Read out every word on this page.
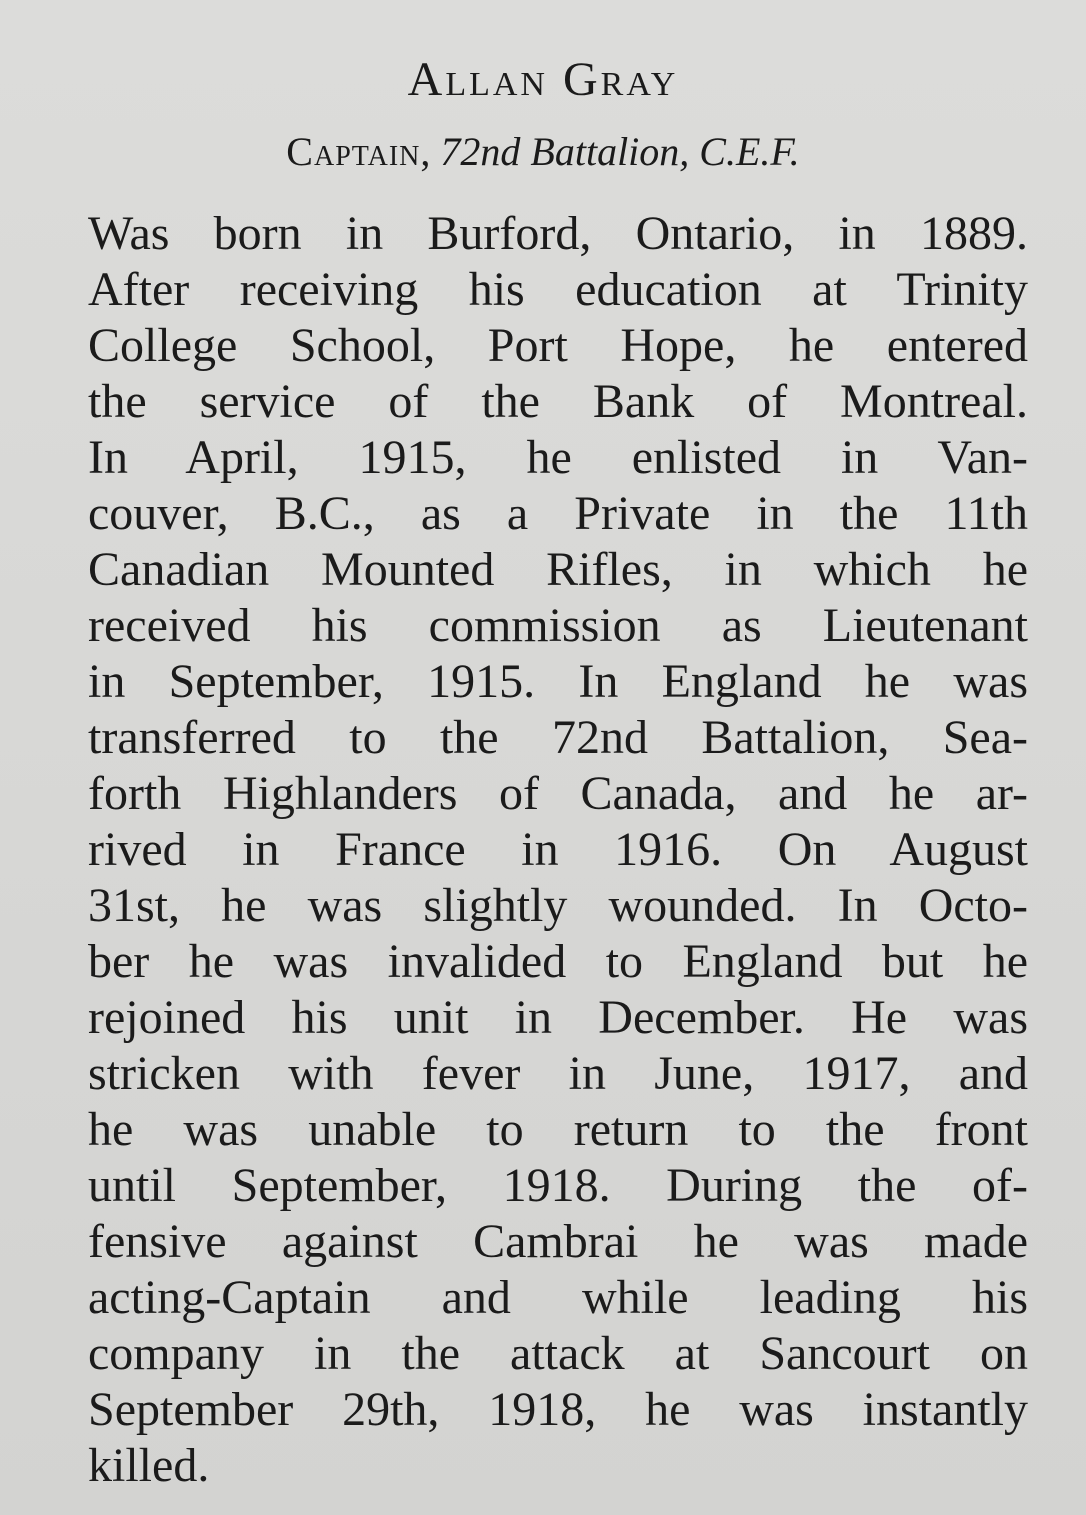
Allan Gray
Captain, 72nd Battalion, C.E.F.
Was born in Burford, Ontario, in 1889.
After receiving his education at Trinity
College School, Port Hope, he entered
the service of the Bank of Montreal.
In April, 1915, he enlisted in Van-
couver, B.C., as a Private in the 11th
Canadian Mounted Rifles, in which he
received his commission as Lieutenant
in September, 1915. In England he was
transferred to the 72nd Battalion, Sea-
forth Highlanders of Canada, and he ar-
rived in France in 1916. On August
31st, he was slightly wounded. In Octo-
ber he was invalided to England but he
rejoined his unit in December. He was
stricken with fever in June, 1917, and
he was unable to return to the front
until September, 1918. During the of-
fensive against Cambrai he was made
acting-Captain and while leading his
company in the attack at Sancourt on
September 29th, 1918, he was instantly
killed.
